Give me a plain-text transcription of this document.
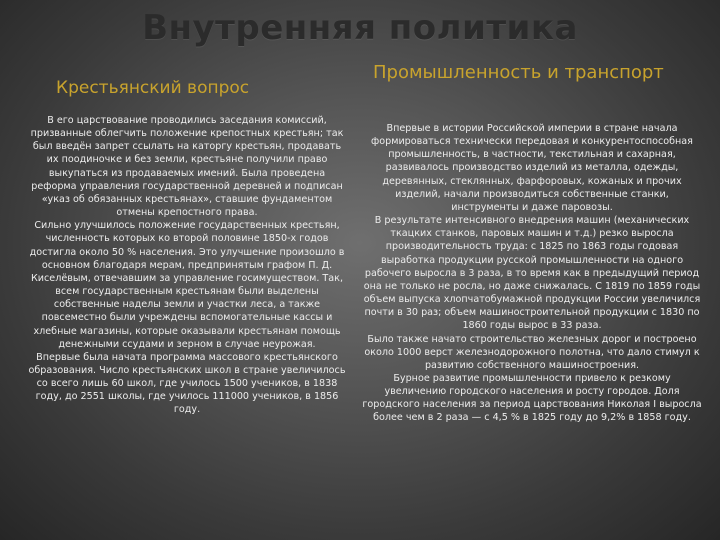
Внутренняя политика
Крестьянский вопрос
Промышленность и транспорт

В его царствование проводились заседания комиссий, призванные облегчить положение крепостных крестьян; так был введён запрет ссылать на каторгу крестьян, продавать их поодиночке и без земли, крестьяне получили право выкупаться из продаваемых имений. Была проведена реформа управления государственной деревней и подписан «указ об обязанных крестьянах», ставшие фундаментом отмены крепостного права.

Сильно улучшилось положение государственных крестьян, численность которых ко второй половине 1850-х годов достигла около 50 % населения. Это улучшение произошло в основном благодаря мерам, предпринятым графом П. Д. Киселёвым, отвечавшим за управление госимуществом. Так, всем государственным крестьянам были выделены собственные наделы земли и участки леса, а также повсеместно были учреждены вспомогательные кассы и хлебные магазины, которые оказывали крестьянам помощь денежными ссудами и зерном в случае неурожая.

Впервые была начата программа массового крестьянского образования. Число крестьянских школ в стране увеличилось со всего лишь 60 школ, где училось 1500 учеников, в 1838 году, до 2551 школы, где училось 111000 учеников, в 1856 году.

Впервые в истории Российской империи в стране начала формироваться технически передовая и конкурентоспособная промышленность, в частности, текстильная и сахарная, развивалось производство изделий из металла, одежды, деревянных, стеклянных, фарфоровых, кожаных и прочих изделий, начали производиться собственные станки, инструменты и даже паровозы.

В результате интенсивного внедрения машин (механических ткацких станков, паровых машин и т.д.) резко выросла производительность труда: с 1825 по 1863 годы годовая выработка продукции русской промышленности на одного рабочего выросла в 3 раза, в то время как в предыдущий период она не только не росла, но даже снижалась. С 1819 по 1859 годы объем выпуска хлопчатобумажной продукции России увеличился почти в 30 раз; объем машиностроительной продукции с 1830 по 1860 годы вырос в 33 раза.

Было также начато строительство железных дорог и построено около 1000 верст железнодорожного полотна, что дало стимул к развитию собственного машиностроения.

Бурное развитие промышленности привело к резкому увеличению городского населения и росту городов. Доля городского населения за период царствования Николая I выросла более чем в 2 раза — с 4,5 % в 1825 году до 9,2% в 1858 году.
